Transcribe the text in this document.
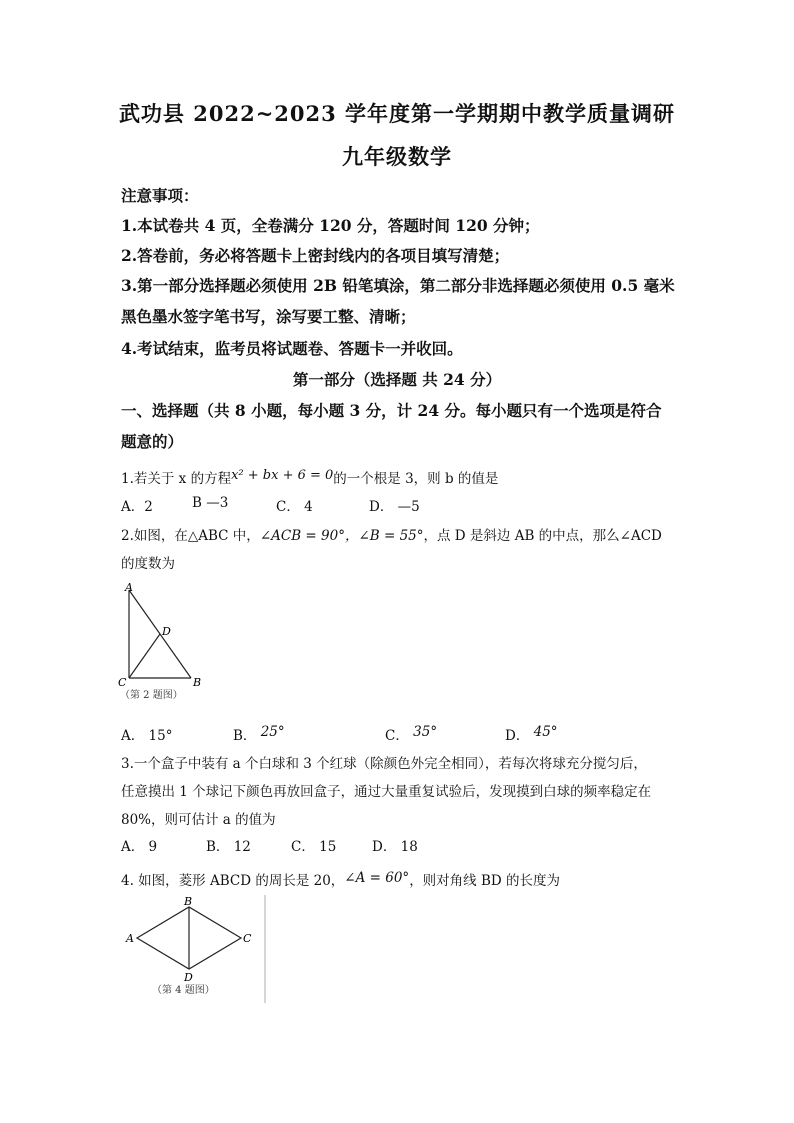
武功县 2022~2023 学年度第一学期期中教学质量调研
九年级数学
注意事项：
1.本试卷共 4 页，全卷满分 120 分，答题时间 120 分钟；
2.答卷前，务必将答题卡上密封线内的各项目填写清楚；
3.第一部分选择题必须使用 2B 铅笔填涂，第二部分非选择题必须使用 0.5 毫米
黑色墨水签字笔书写，涂写要工整、清晰；
4.考试结束，监考员将试题卷、答题卡一并收回。
第一部分（选择题 共 24 分）
一、选择题（共 8 小题，每小题 3 分，计 24 分。每小题只有一个选项是符合
题意的）
1.若关于 x 的方程x² + bx + 6 = 0的一个根是 3，则 b 的值是
A．2	B —3	C． 4	D． —5
2.如图，在△ABC 中，∠ACB = 90°，∠B = 55°，点 D 是斜边 AB 的中点，那么∠ACD
的度数为
A
D
C	B
（第 2 题图）
A． 15°	B． 25°	C． 35°	D． 45°
3.一个盒子中装有 a 个白球和 3 个红球（除颜色外完全相同），若每次将球充分搅匀后，
任意摸出 1 个球记下颜色再放回盒子，通过大量重复试验后，发现摸到白球的频率稳定在
80%，则可估计 a 的值为
A． 9	B． 12	C． 15	D． 18
4. 如图，菱形 ABCD 的周长是 20，∠A = 60°，则对角线 BD 的长度为
B
A	C
D
（第 4 题图）
